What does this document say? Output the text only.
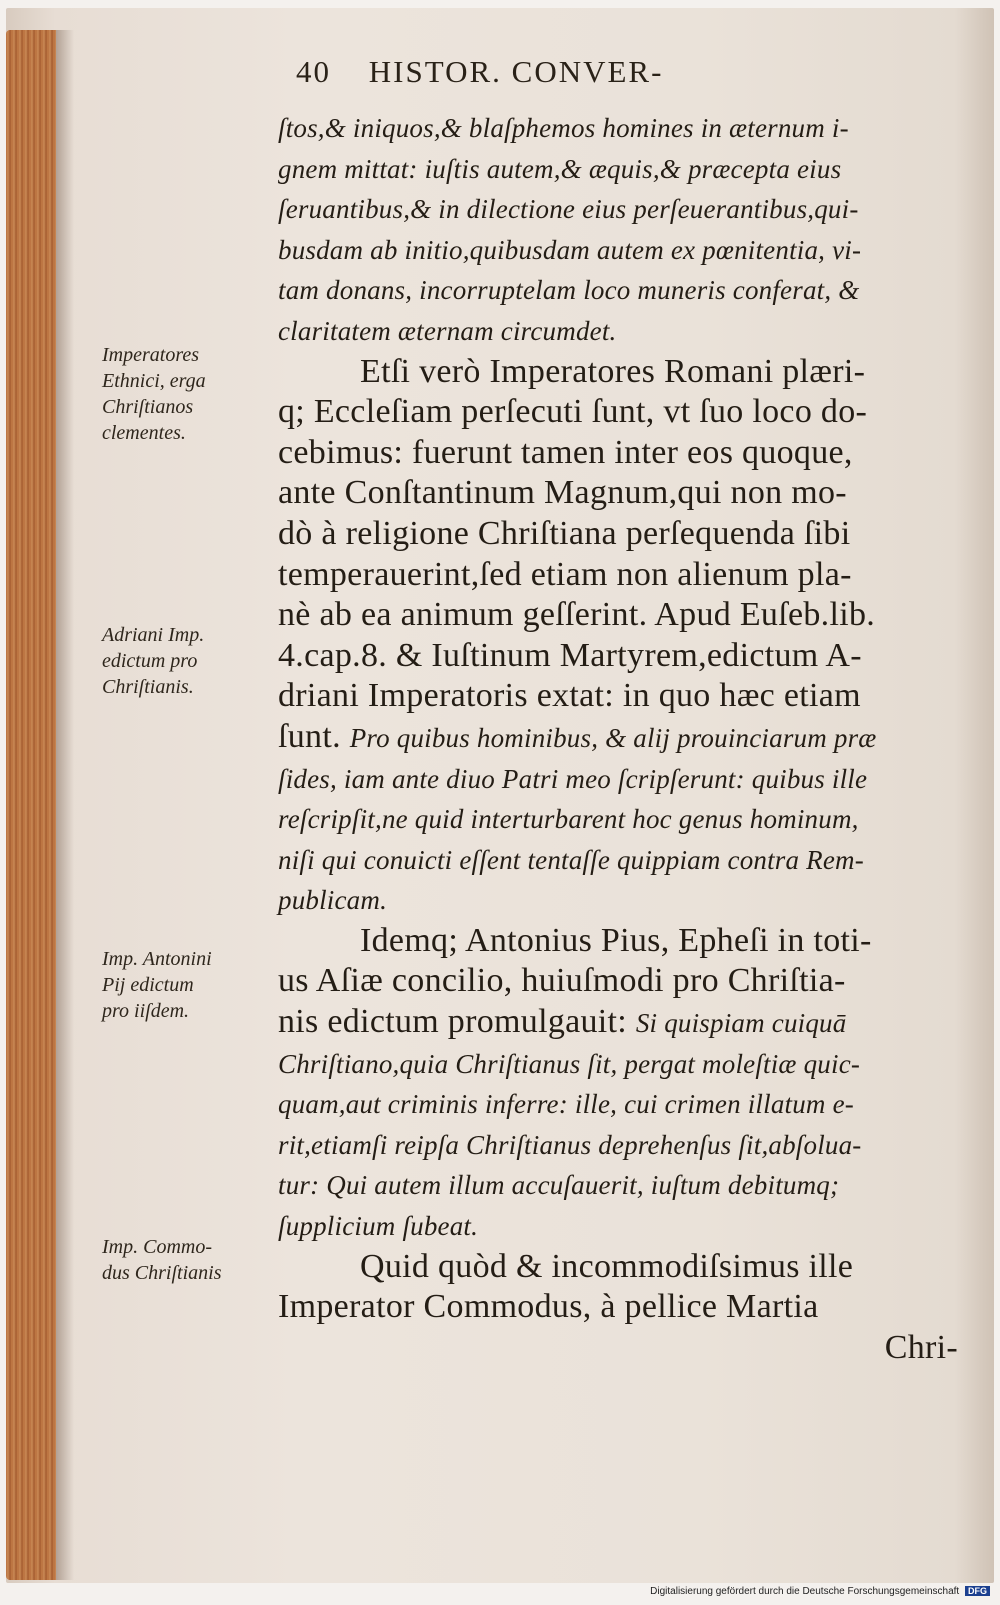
40 HISTOR. CONVER-
ſtos,& iniquos,& blaſphemos homines in æternum i-
gnem mittat: iuſtis autem,& æquis,& præcepta eius
ſeruantibus,& in dilectione eius perſeuerantibus,qui-
busdam ab initio,quibusdam autem ex pœnitentia, vi-
tam donans, incorruptelam loco muneris conferat, &
claritatem æternam circumdet.
Etſi verò Imperatores Romani plæri-
q; Eccleſiam perſecuti ſunt, vt ſuo loco do-
cebimus: fuerunt tamen inter eos quoque,
ante Conſtantinum Magnum,qui non mo-
dò à religione Chriſtiana perſequenda ſibi
temperauerint,ſed etiam non alienum pla-
nè ab ea animum geſſerint. Apud Euſeb.lib.
4.cap.8. & Iuſtinum Martyrem,edictum A-
driani Imperatoris extat: in quo hæc etiam
ſunt. Pro quibus hominibus, & alij prouinciarum præ
ſides, iam ante diuo Patri meo ſcripſerunt: quibus ille
reſcripſit,ne quid interturbarent hoc genus hominum,
niſi qui conuicti eſſent tentaſſe quippiam contra Rem-
publicam.
Idemq; Antonius Pius, Epheſi in toti-
us Aſiæ concilio, huiuſmodi pro Chriſtia-
nis edictum promulgauit: Si quispiam cuiquā
Chriſtiano,quia Chriſtianus ſit, pergat moleſtiæ quic-
quam,aut criminis inferre: ille, cui crimen illatum e-
rit,etiamſi reipſa Chriſtianus deprehenſus ſit,abſolua-
tur: Qui autem illum accuſauerit, iuſtum debitumq;
ſupplicium ſubeat.
Quid quòd & incommodiſsimus ille
Imperator Commodus, à pellice Martia
Chri-
Imperatores
Ethnici, erga
Chriſtianos
clementes.
Adriani Imp.
edictum pro
Chriſtianis.
Imp. Antonini
Pij edictum
pro iiſdem.
Imp. Commo-
dus Chriſtianis
Digitalisierung gefördert durch die Deutsche Forschungsgemeinschaft DFG
